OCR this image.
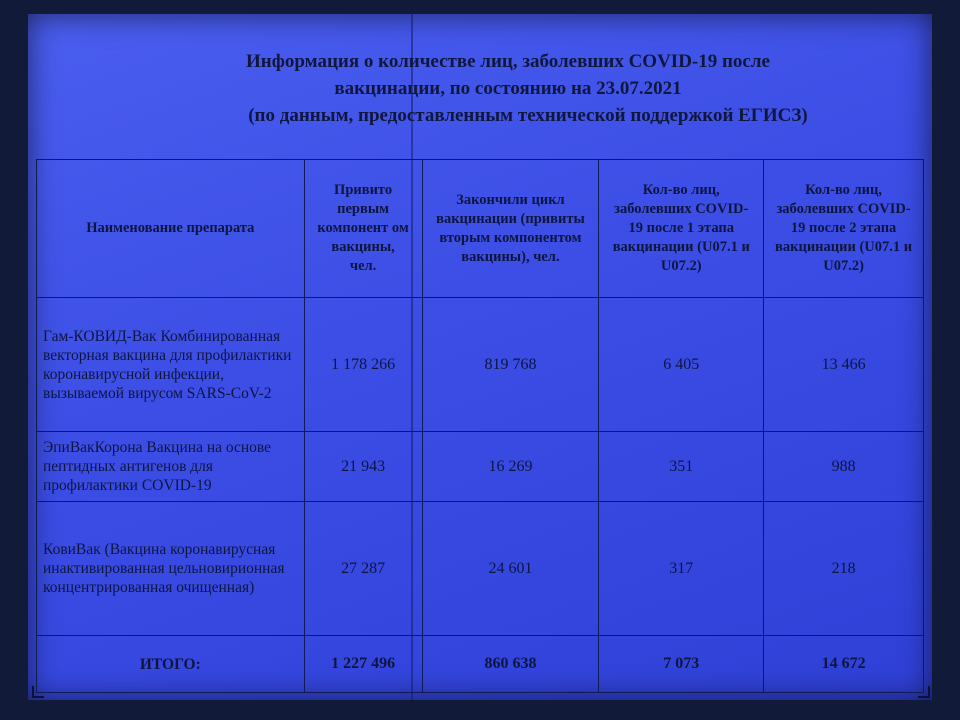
Информация о количестве лиц, заболевших COVID-19 после
вакцинации, по состоянию на 23.07.2021
(по данным, предоставленным технической поддержкой ЕГИСЗ)
Наименование препарата	Привито первым компонент ом вакцины, чел.	Закончили цикл вакцинации (привиты вторым компонентом вакцины), чел.	Кол-во лиц, заболевших COVID-19 после 1 этапа вакцинации (U07.1 и U07.2)	Кол-во лиц, заболевших COVID-19 после 2 этапа вакцинации (U07.1 и U07.2)
Гам-КОВИД-Вак Комбинированная векторная вакцина для профилактики коронавирусной инфекции, вызываемой вирусом SARS-CoV-2	1 178 266	819 768	6 405	13 466
ЭпиВакКорона Вакцина на основе пептидных антигенов для профилактики COVID-19	21 943	16 269	351	988
КовиВак (Вакцина коронавирусная инактивированная цельновирионная концентрированная очищенная)	27 287	24 601	317	218
ИТОГО:	1 227 496	860 638	7 073	14 672
